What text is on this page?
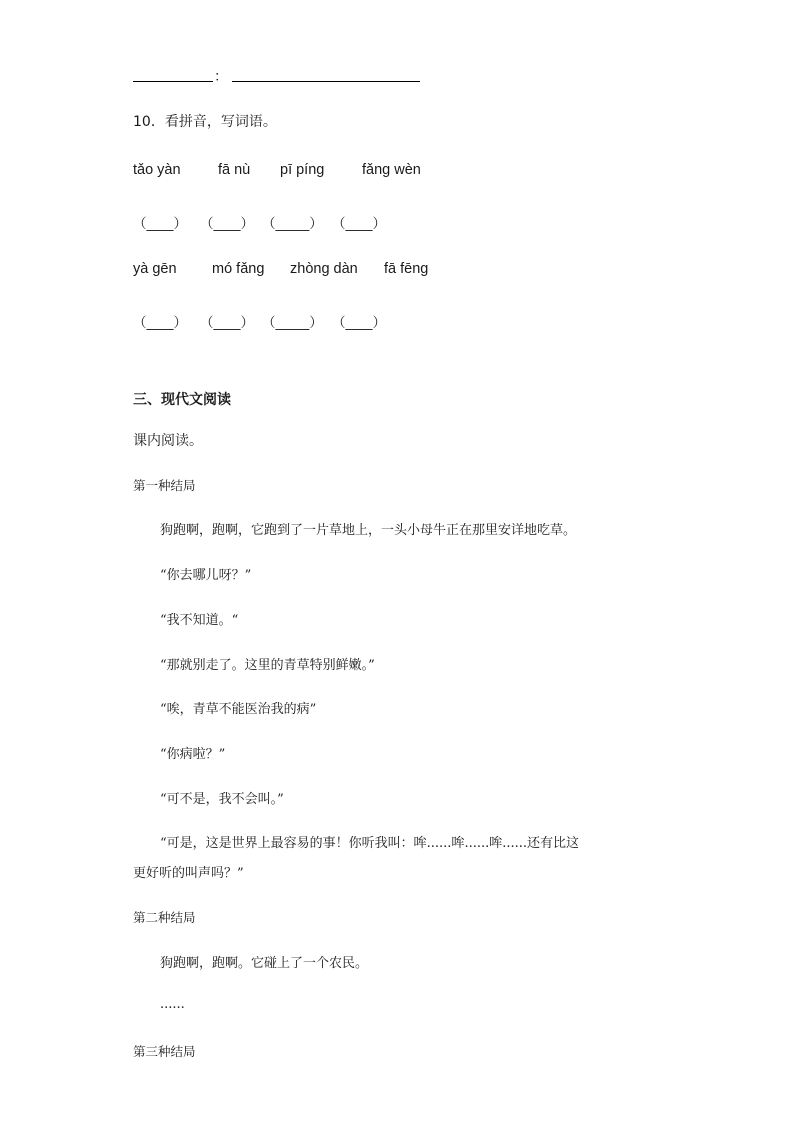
：
10．看拼音，写词语。
tǎo yàn	fā nù pī píng	fǎng wèn
（____） （____） （_____） （____）
yà gēn mó fǎng zhòng dàn fā fēng
（____） （____） （_____） （____）
三、现代文阅读
课内阅读。
第一种结局
狗跑啊，跑啊，它跑到了一片草地上，一头小母牛正在那里安详地吃草。
“你去哪儿呀？”
“我不知道。“
“那就别走了。这里的青草特别鲜嫩。”
“唉，青草不能医治我的病”
“你病啦？”
“可不是，我不会叫。”
“可是，这是世界上最容易的事！你听我叫：哞......哞......哞......还有比这
更好听的叫声吗？”
第二种结局
狗跑啊，跑啊。它碰上了一个农民。
......
第三种结局
